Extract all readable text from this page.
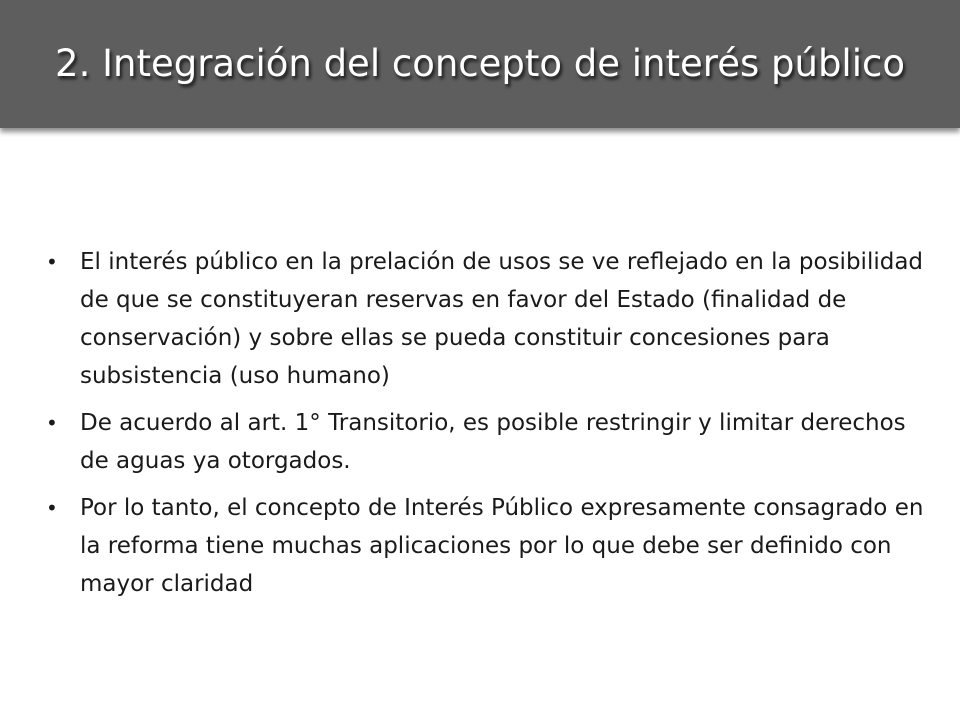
2. Integración del concepto de interés público
• El interés público en la prelación de usos se ve reflejado en la posibilidad de que se constituyeran reservas en favor del Estado (finalidad de conservación) y sobre ellas se pueda constituir concesiones para subsistencia (uso humano)
• De acuerdo al art. 1° Transitorio, es posible restringir y limitar derechos de aguas ya otorgados.
• Por lo tanto, el concepto de Interés Público expresamente consagrado en la reforma tiene muchas aplicaciones por lo que debe ser definido con mayor claridad
